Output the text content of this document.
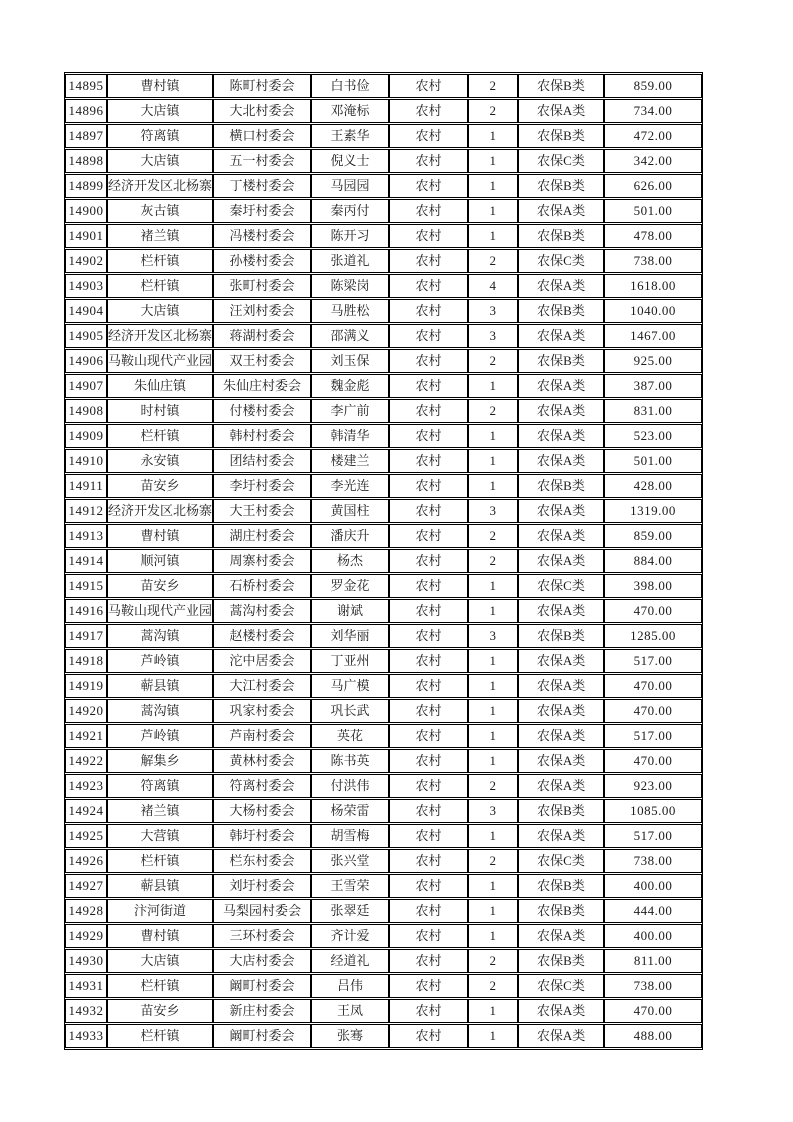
14895	曹村镇	陈町村委会	白书俭	农村	2	农保B类	859.00
14896	大店镇	大北村委会	邓淹标	农村	2	农保A类	734.00
14897	符离镇	横口村委会	王素华	农村	1	农保B类	472.00
14898	大店镇	五一村委会	倪义士	农村	1	农保C类	342.00
14899	经济开发区北杨寨	丁楼村委会	马园园	农村	1	农保B类	626.00
14900	灰古镇	秦圩村委会	秦丙付	农村	1	农保A类	501.00
14901	褚兰镇	冯楼村委会	陈开习	农村	1	农保B类	478.00
14902	栏杆镇	孙楼村委会	张道礼	农村	2	农保C类	738.00
14903	栏杆镇	张町村委会	陈梁岗	农村	4	农保A类	1618.00
14904	大店镇	汪刘村委会	马胜松	农村	3	农保B类	1040.00
14905	经济开发区北杨寨	蒋湖村委会	邵满义	农村	3	农保A类	1467.00
14906	马鞍山现代产业园	双王村委会	刘玉保	农村	2	农保B类	925.00
14907	朱仙庄镇	朱仙庄村委会	魏金彪	农村	1	农保A类	387.00
14908	时村镇	付楼村委会	李广前	农村	2	农保A类	831.00
14909	栏杆镇	韩村村委会	韩清华	农村	1	农保A类	523.00
14910	永安镇	团结村委会	楼建兰	农村	1	农保A类	501.00
14911	苗安乡	李圩村委会	李光连	农村	1	农保B类	428.00
14912	经济开发区北杨寨	大王村委会	黄国柱	农村	3	农保A类	1319.00
14913	曹村镇	湖庄村委会	潘庆升	农村	2	农保A类	859.00
14914	顺河镇	周寨村委会	杨杰	农村	2	农保A类	884.00
14915	苗安乡	石桥村委会	罗金花	农村	1	农保C类	398.00
14916	马鞍山现代产业园	蒿沟村委会	谢斌	农村	1	农保A类	470.00
14917	蒿沟镇	赵楼村委会	刘华丽	农村	3	农保B类	1285.00
14918	芦岭镇	沱中居委会	丁亚州	农村	1	农保A类	517.00
14919	蕲县镇	大江村委会	马广模	农村	1	农保A类	470.00
14920	蒿沟镇	巩家村委会	巩长武	农村	1	农保A类	470.00
14921	芦岭镇	芦南村委会	英花	农村	1	农保A类	517.00
14922	解集乡	黄林村委会	陈书英	农村	1	农保A类	470.00
14923	符离镇	符离村委会	付洪伟	农村	2	农保A类	923.00
14924	褚兰镇	大杨村委会	杨荣雷	农村	3	农保B类	1085.00
14925	大营镇	韩圩村委会	胡雪梅	农村	1	农保A类	517.00
14926	栏杆镇	栏东村委会	张兴堂	农村	2	农保C类	738.00
14927	蕲县镇	刘圩村委会	王雪荣	农村	1	农保B类	400.00
14928	汴河街道	马梨园村委会	张翠廷	农村	1	农保B类	444.00
14929	曹村镇	三环村委会	齐计爱	农村	1	农保A类	400.00
14930	大店镇	大店村委会	经道礼	农村	2	农保B类	811.00
14931	栏杆镇	阚町村委会	吕伟	农村	2	农保C类	738.00
14932	苗安乡	新庄村委会	王凤	农村	1	农保A类	470.00
14933	栏杆镇	阚町村委会	张骞	农村	1	农保A类	488.00
